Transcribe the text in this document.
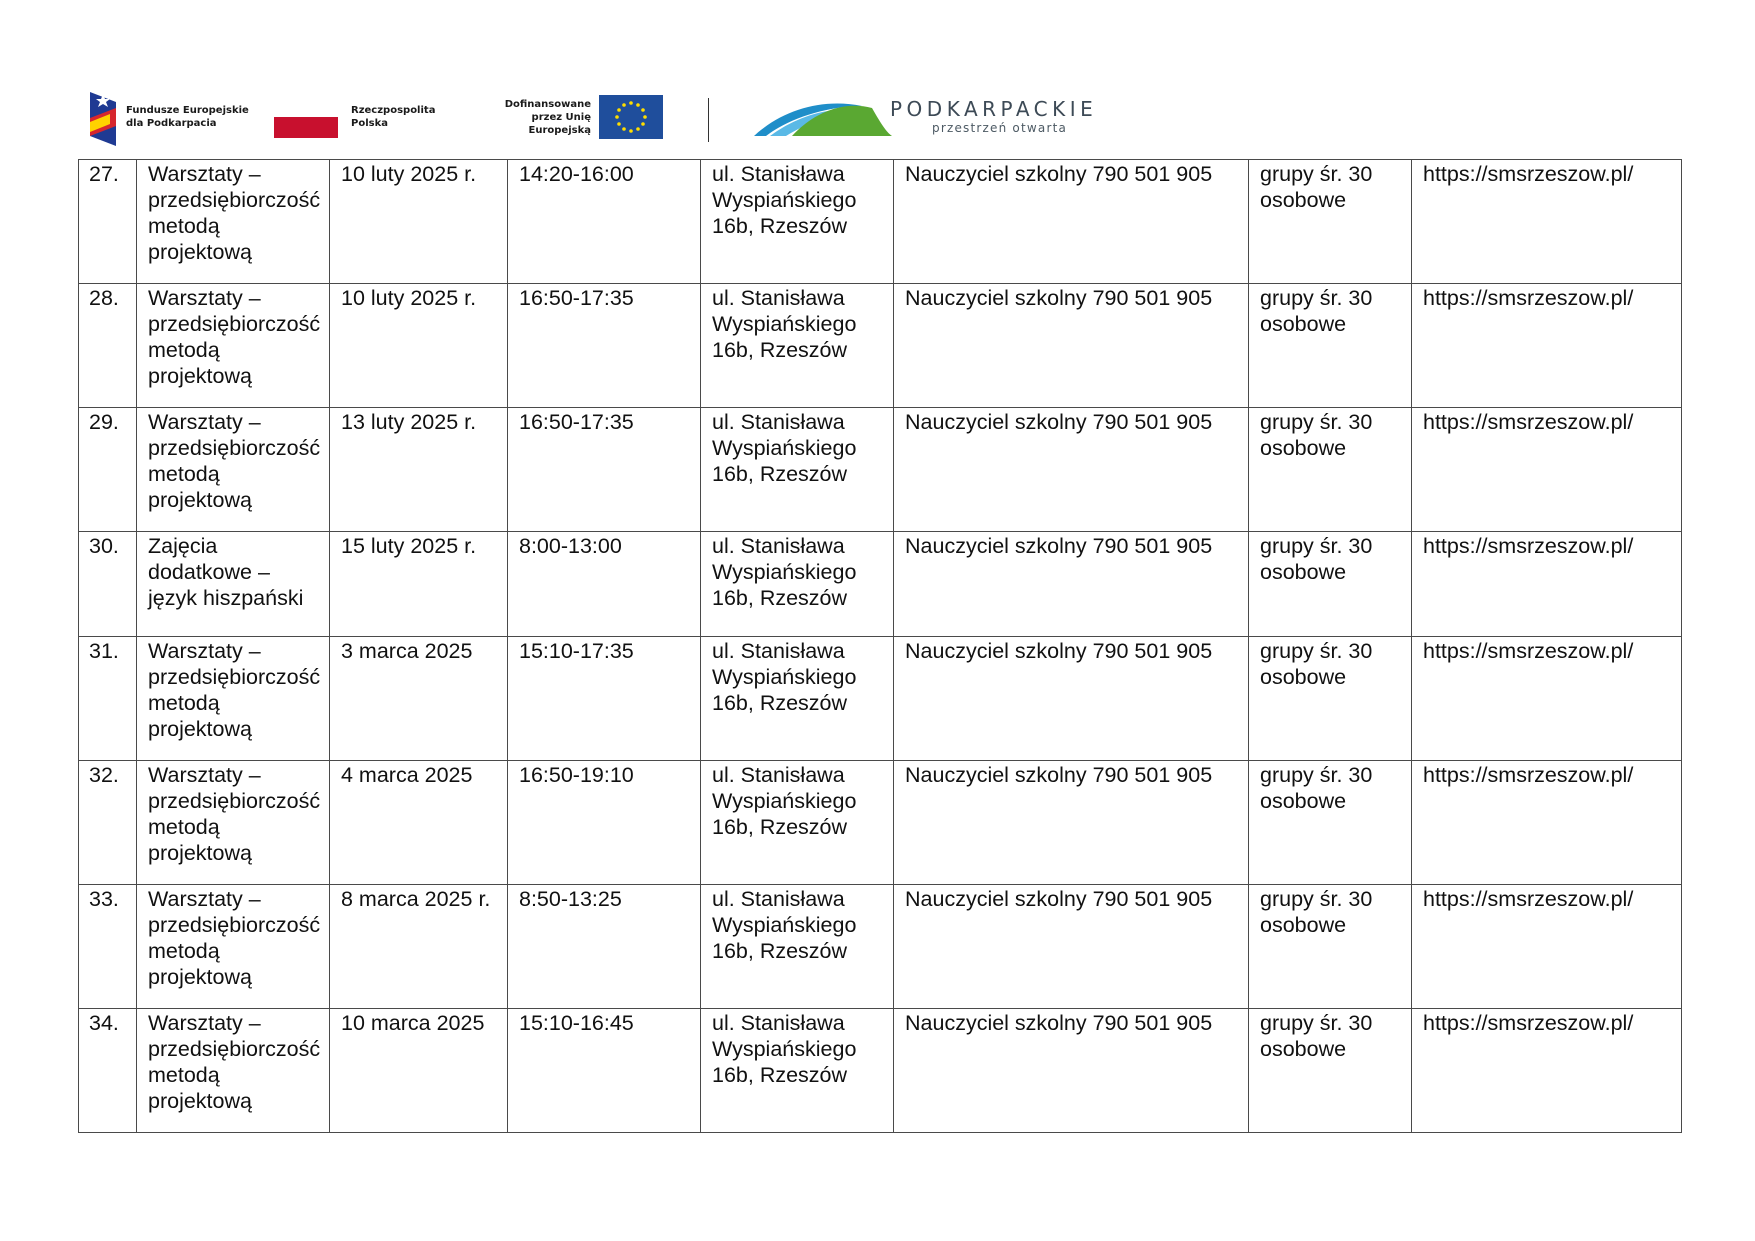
Fundusze Europejskie dla Podkarpacia
Rzeczpospolita Polska
Dofinansowane przez Unię Europejską
PODKARPACKIE
przestrzeń otwarta
27.	Warsztaty – przedsiębiorczość metodą projektową	10 luty 2025 r.	14:20-16:00	ul. Stanisława Wyspiańskiego 16b, Rzeszów	Nauczyciel szkolny 790 501 905	grupy śr. 30 osobowe	https://smsrzeszow.pl/
28.	Warsztaty – przedsiębiorczość metodą projektową	10 luty 2025 r.	16:50-17:35	ul. Stanisława Wyspiańskiego 16b, Rzeszów	Nauczyciel szkolny 790 501 905	grupy śr. 30 osobowe	https://smsrzeszow.pl/
29.	Warsztaty – przedsiębiorczość metodą projektową	13 luty 2025 r.	16:50-17:35	ul. Stanisława Wyspiańskiego 16b, Rzeszów	Nauczyciel szkolny 790 501 905	grupy śr. 30 osobowe	https://smsrzeszow.pl/
30.	Zajęcia dodatkowe – język hiszpański	15 luty 2025 r.	8:00-13:00	ul. Stanisława Wyspiańskiego 16b, Rzeszów	Nauczyciel szkolny 790 501 905	grupy śr. 30 osobowe	https://smsrzeszow.pl/
31.	Warsztaty – przedsiębiorczość metodą projektową	3 marca 2025	15:10-17:35	ul. Stanisława Wyspiańskiego 16b, Rzeszów	Nauczyciel szkolny 790 501 905	grupy śr. 30 osobowe	https://smsrzeszow.pl/
32.	Warsztaty – przedsiębiorczość metodą projektową	4 marca 2025	16:50-19:10	ul. Stanisława Wyspiańskiego 16b, Rzeszów	Nauczyciel szkolny 790 501 905	grupy śr. 30 osobowe	https://smsrzeszow.pl/
33.	Warsztaty – przedsiębiorczość metodą projektową	8 marca 2025 r.	8:50-13:25	ul. Stanisława Wyspiańskiego 16b, Rzeszów	Nauczyciel szkolny 790 501 905	grupy śr. 30 osobowe	https://smsrzeszow.pl/
34.	Warsztaty – przedsiębiorczość metodą projektową	10 marca 2025	15:10-16:45	ul. Stanisława Wyspiańskiego 16b, Rzeszów	Nauczyciel szkolny 790 501 905	grupy śr. 30 osobowe	https://smsrzeszow.pl/
